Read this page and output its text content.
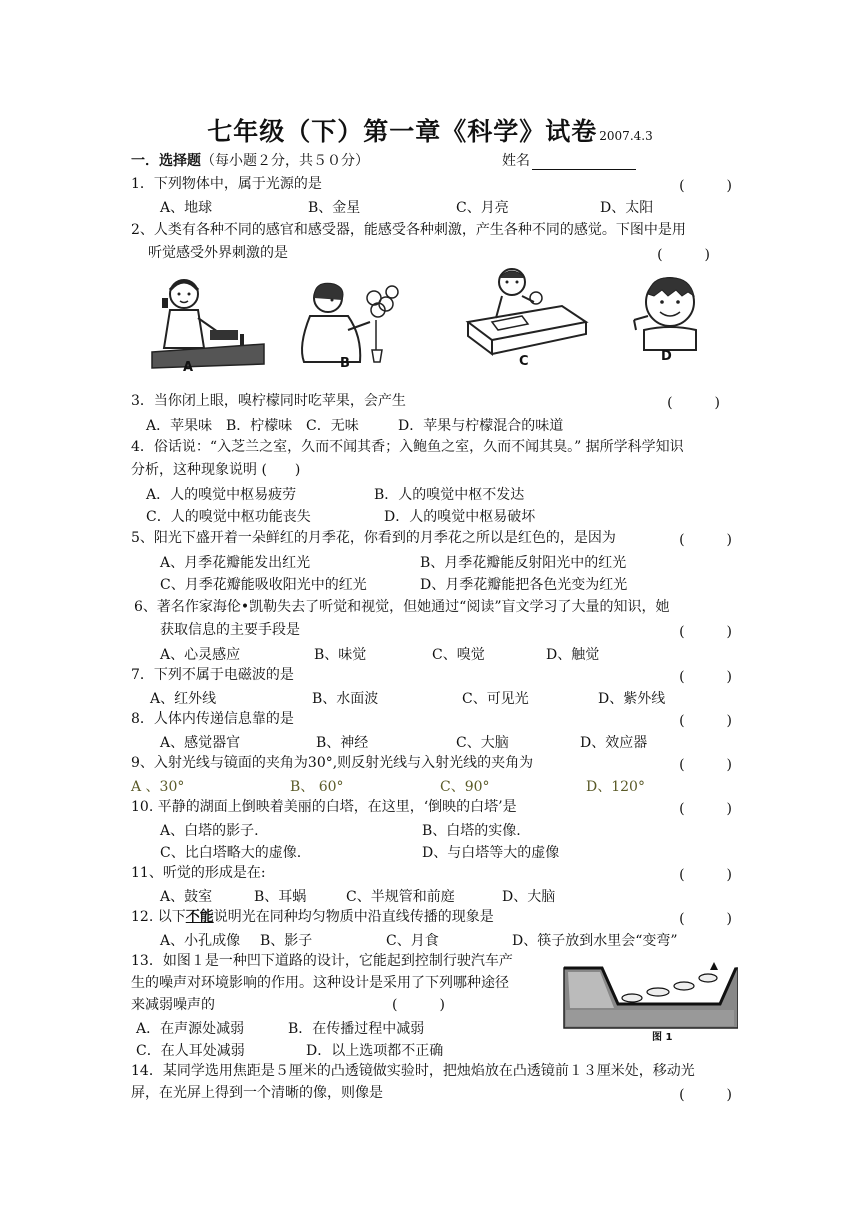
七年级（下）第一章《科学》试卷 2007.4.3
一．选择题（每小题２分，共５０分）	姓名
1．下列物体中，属于光源的是	(　　　)
A、地球	B、金星	C、月亮	D、太阳
2、人类有各种不同的感官和感受器，能感受各种刺激，产生各种不同的感觉。下图中是用
听觉感受外界刺激的是	(　　　)
A	B	C	D
3．当你闭上眼，嗅柠檬同时吃苹果，会产生	(　　　)
A．苹果味 B．柠檬味 C．无味	D．苹果与柠檬混合的味道
4．俗话说：“入芝兰之室，久而不闻其香；入鲍鱼之室，久而不闻其臭。” 据所学科学知识
分析，这种现象说明 (　　)
A．人的嗅觉中枢易疲劳	B．人的嗅觉中枢不发达
C．人的嗅觉中枢功能丧失	D．人的嗅觉中枢易破坏
5、阳光下盛开着一朵鲜红的月季花，你看到的月季花之所以是红色的，是因为	(　　　)
A、月季花瓣能发出红光	B、月季花瓣能反射阳光中的红光
C、月季花瓣能吸收阳光中的红光	D、月季花瓣能把各色光变为红光
6、著名作家海伦•凯勒失去了听觉和视觉，但她通过“阅读”盲文学习了大量的知识，她
获取信息的主要手段是	(　　　)
A、心灵感应	B、味觉	C、嗅觉	D、触觉
7．下列不属于电磁波的是	(　　　)
A、红外线	B、水面波	C、可见光	D、紫外线
8．人体内传递信息靠的是	(　　　)
A、感觉器官	B、神经	C、大脑	D、效应器
9、入射光线与镜面的夹角为30°,则反射光线与入射光线的夹角为	(　　　)
A 、30°	B、 60°	C、90°	D、120°
10. 平静的湖面上倒映着美丽的白塔，在这里，‘倒映的白塔’是	(　　　)
A、白塔的影子.	B、白塔的实像.
C、比白塔略大的虚像.	D、与白塔等大的虚像
11、听觉的形成是在:	(　　　)
A、鼓室	B、耳蜗	C、半规管和前庭	D、大脑
12. 以下不能说明光在同种均匀物质中沿直线传播的现象是	(　　　)
A、小孔成像 B、影子	C、月食	D、筷子放到水里会“变弯”
13．如图１是一种凹下道路的设计，它能起到控制行驶汽车产
生的噪声对环境影响的作用。这种设计是采用了下列哪种途径
来减弱噪声的	(　　　)
A．在声源处减弱	B．在传播过程中减弱
C．在人耳处减弱	D．以上选项都不正确
图 1
14．某同学选用焦距是５厘米的凸透镜做实验时，把烛焰放在凸透镜前１３厘米处，移动光
屏，在光屏上得到一个清晰的像，则像是	(　　　)
